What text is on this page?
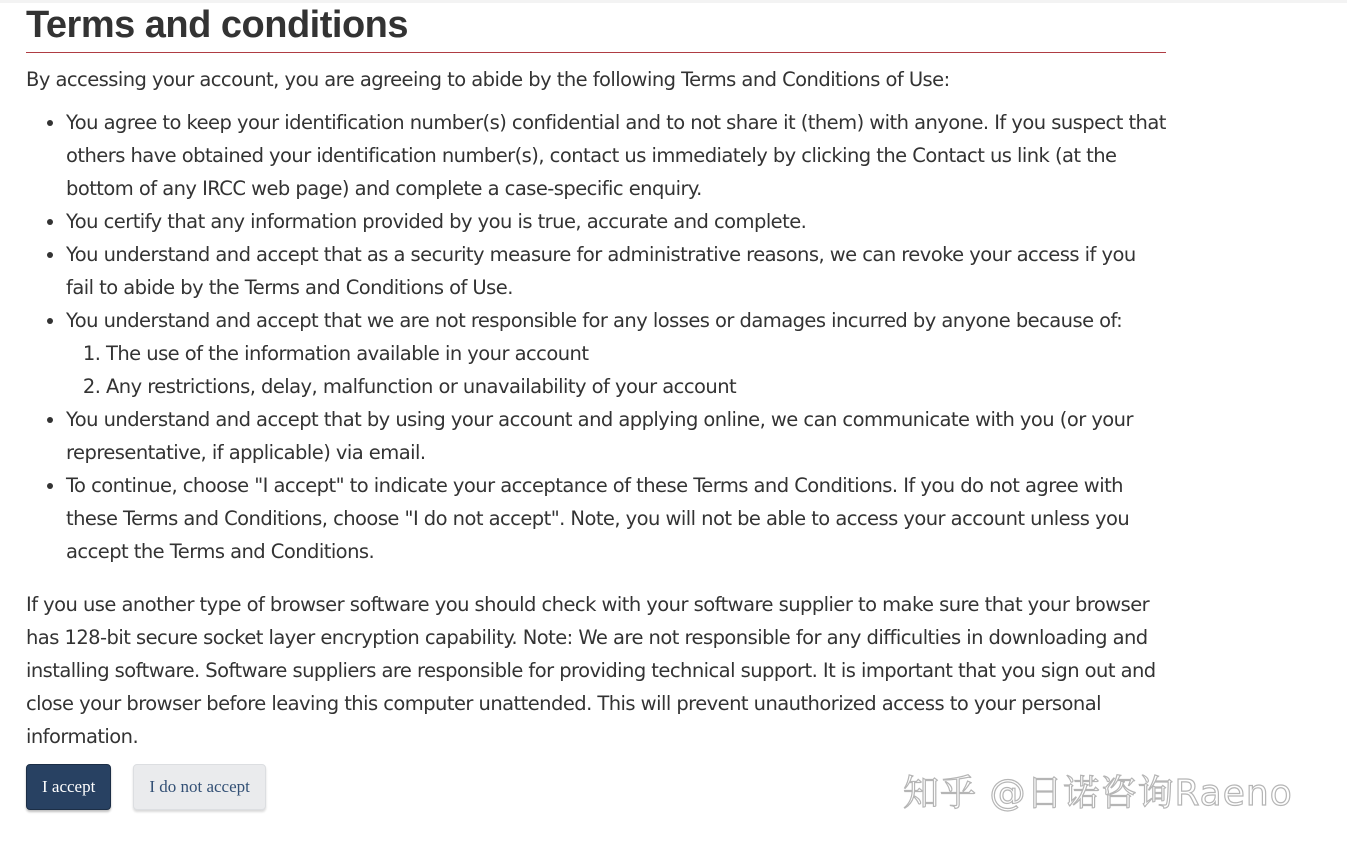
Terms and conditions

By accessing your account, you are agreeing to abide by the following Terms and Conditions of Use:

• You agree to keep your identification number(s) confidential and to not share it (them) with anyone. If you suspect that others have obtained your identification number(s), contact us immediately by clicking the Contact us link (at the bottom of any IRCC web page) and complete a case-specific enquiry.
• You certify that any information provided by you is true, accurate and complete.
• You understand and accept that as a security measure for administrative reasons, we can revoke your access if you fail to abide by the Terms and Conditions of Use.
• You understand and accept that we are not responsible for any losses or damages incurred by anyone because of:
1. The use of the information available in your account
2. Any restrictions, delay, malfunction or unavailability of your account
• You understand and accept that by using your account and applying online, we can communicate with you (or your representative, if applicable) via email.
• To continue, choose "I accept" to indicate your acceptance of these Terms and Conditions. If you do not agree with these Terms and Conditions, choose "I do not accept". Note, you will not be able to access your account unless you accept the Terms and Conditions.

If you use another type of browser software you should check with your software supplier to make sure that your browser has 128-bit secure socket layer encryption capability. Note: We are not responsible for any difficulties in downloading and installing software. Software suppliers are responsible for providing technical support. It is important that you sign out and close your browser before leaving this computer unattended. This will prevent unauthorized access to your personal information.

I accept	I do not accept	知乎 @日诺咨询Raeno
